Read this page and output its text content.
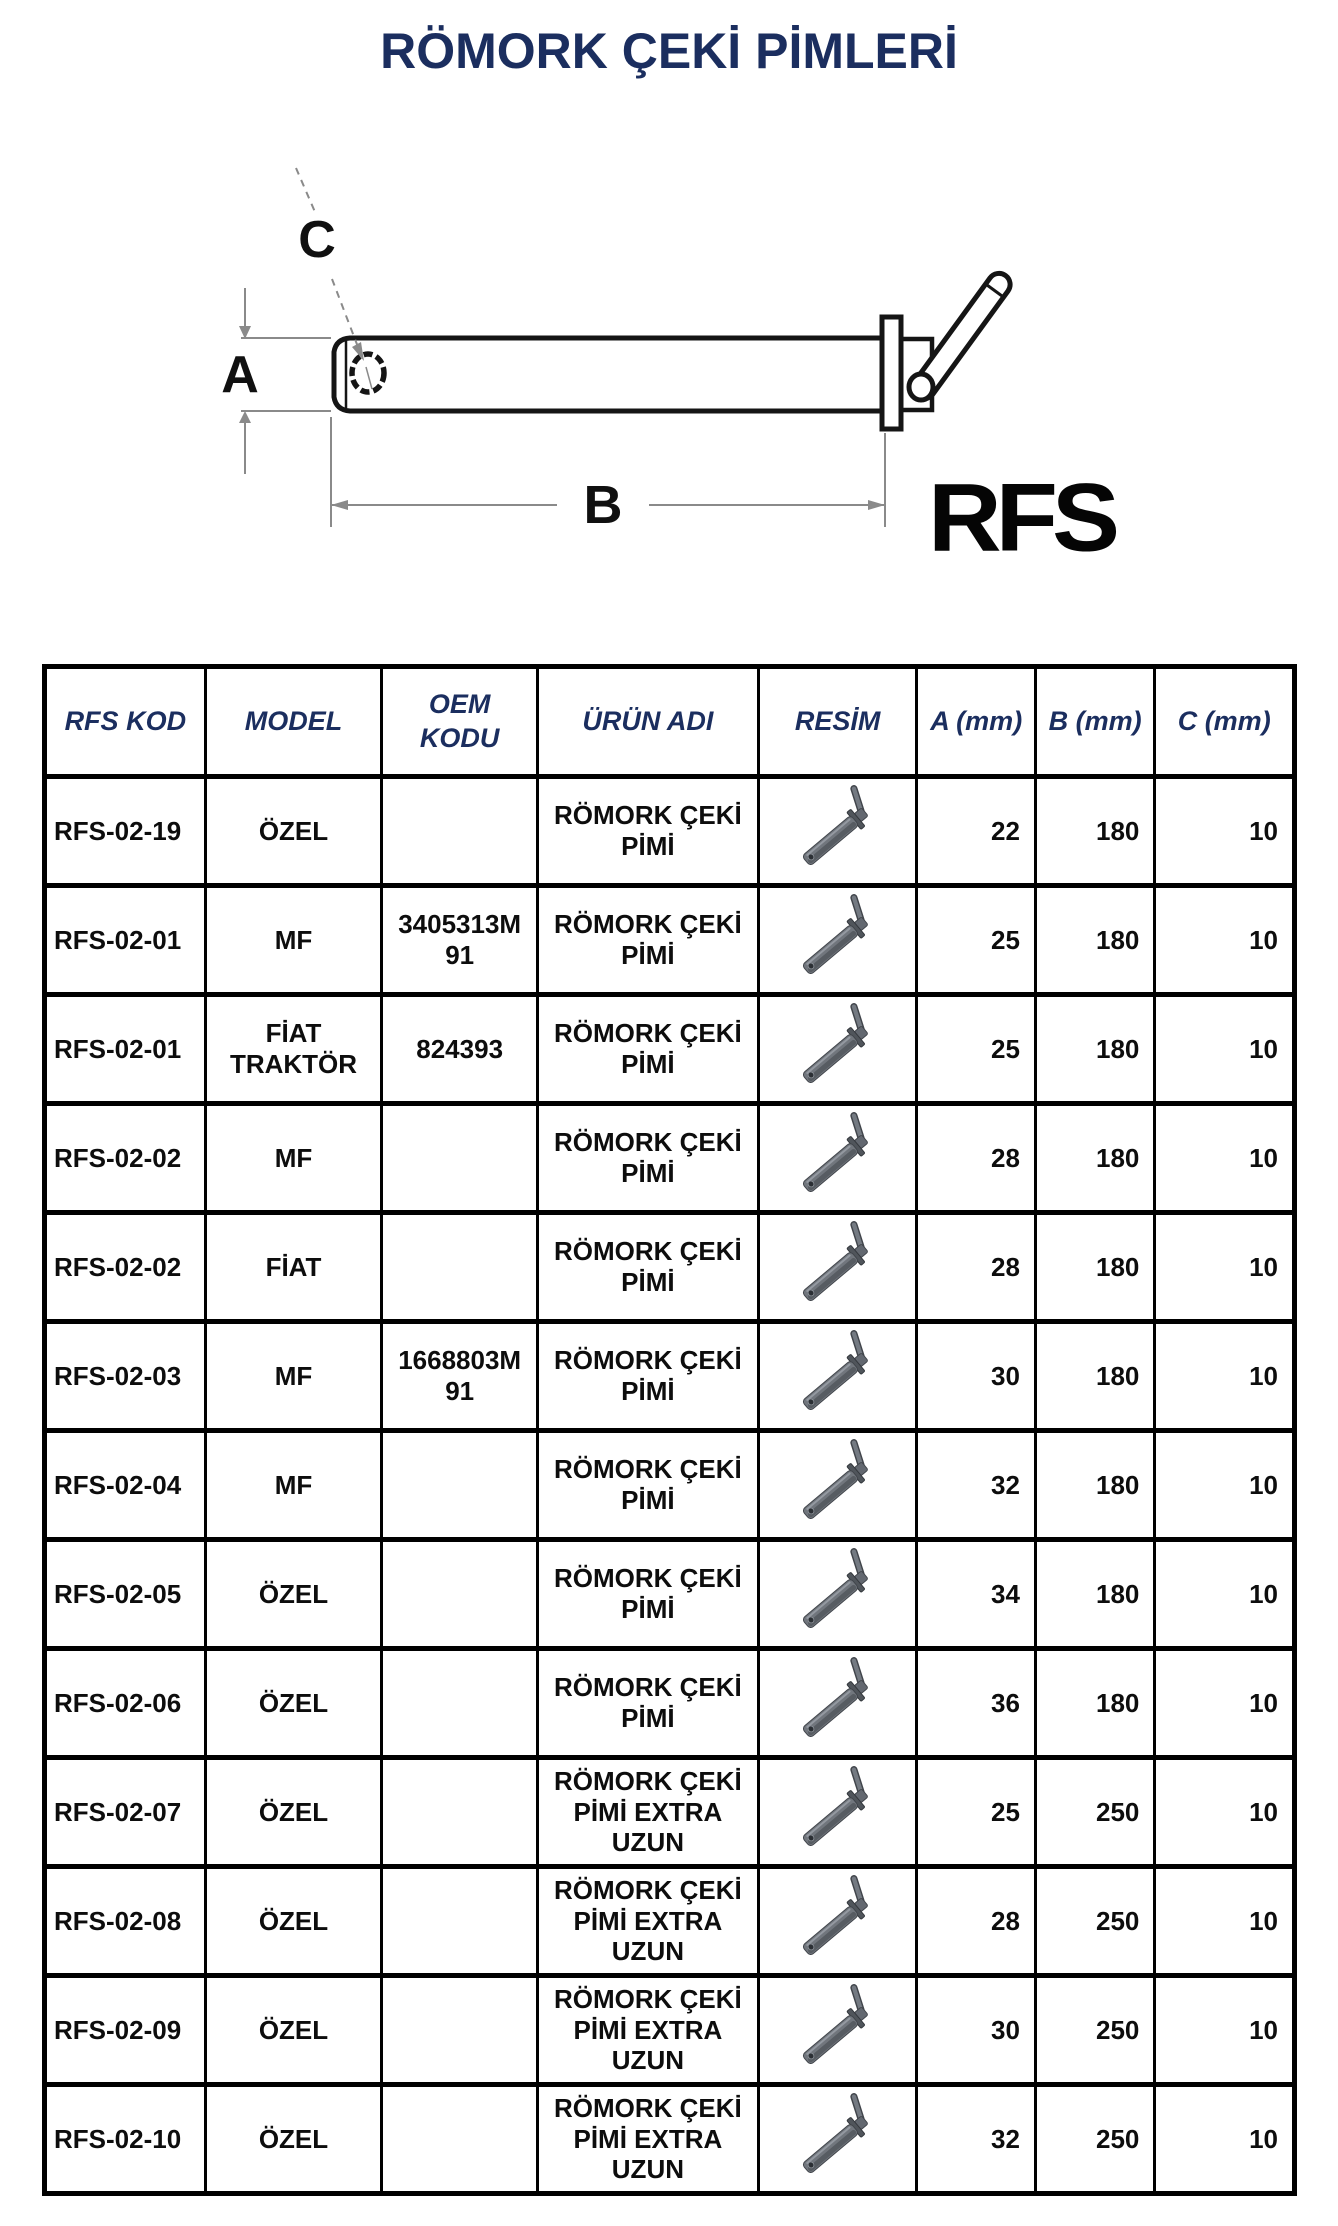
RÖMORK ÇEKİ PİMLERİ
A
B
C
RFS
RFS KOD	MODEL	OEM KODU	ÜRÜN ADI	RESİM	A (mm)	B (mm)	C (mm)
RFS-02-19	ÖZEL		RÖMORK ÇEKİ PİMİ		22	180	10
RFS-02-01	MF	3405313M 91	RÖMORK ÇEKİ PİMİ		25	180	10
RFS-02-01	FİAT TRAKTÖR	824393	RÖMORK ÇEKİ PİMİ		25	180	10
RFS-02-02	MF		RÖMORK ÇEKİ PİMİ		28	180	10
RFS-02-02	FİAT		RÖMORK ÇEKİ PİMİ		28	180	10
RFS-02-03	MF	1668803M 91	RÖMORK ÇEKİ PİMİ		30	180	10
RFS-02-04	MF		RÖMORK ÇEKİ PİMİ		32	180	10
RFS-02-05	ÖZEL		RÖMORK ÇEKİ PİMİ		34	180	10
RFS-02-06	ÖZEL		RÖMORK ÇEKİ PİMİ		36	180	10
RFS-02-07	ÖZEL		RÖMORK ÇEKİ PİMİ EXTRA UZUN		25	250	10
RFS-02-08	ÖZEL		RÖMORK ÇEKİ PİMİ EXTRA UZUN		28	250	10
RFS-02-09	ÖZEL		RÖMORK ÇEKİ PİMİ EXTRA UZUN		30	250	10
RFS-02-10	ÖZEL		RÖMORK ÇEKİ PİMİ EXTRA UZUN		32	250	10
